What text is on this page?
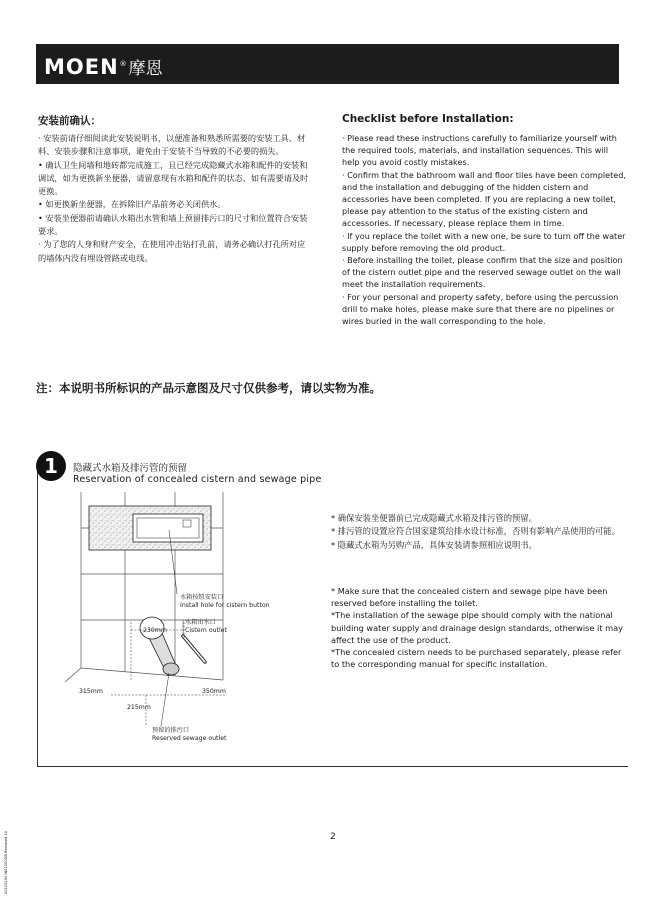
MOEN®摩恩
安装前确认：

· 安装前请仔细阅读此安装说明书，以便准备和熟悉所需要的安装工具、材料、安装步骤和注意事项，避免由于安装不当导致的不必要的损失。

• 确认卫生间墙和地砖都完成施工，且已经完成隐藏式水箱和配件的安装和调试，如为更换新坐便器，请留意现有水箱和配件的状态，如有需要请及时更换。

• 如更换新坐便器，在拆除旧产品前务必关闭供水。

• 安装坐便器前请确认水箱出水管和墙上预留排污口的尺寸和位置符合安装要求。

· 为了您的人身和财产安全，在使用冲击钻打孔前，请务必确认打孔所对应的墙体内没有埋设管路或电线。

Checklist before Installation:

· Please read these instructions carefully to familiarize yourself with the required tools, materials, and installation sequences. This will help you avoid costly mistakes.

· Confirm that the bathroom wall and floor tiles have been completed, and the installation and debugging of the hidden cistern and accessories have been completed. If you are replacing a new toilet, please pay attention to the status of the existing cistern and accessories. If necessary, please replace them in time.

· If you replace the toilet with a new one, be sure to turn off the water supply before removing the old product.

· Before installing the toilet, please confirm that the size and position of the cistern outlet pipe and the reserved sewage outlet on the wall meet the installation requirements.

· For your personal and property safety, before using the percussion drill to make holes, please make sure that there are no pipelines or wires buried in the wall corresponding to the hole.

注：本说明书所标识的产品示意图及尺寸仅供参考，请以实物为准。
1	隐藏式水箱及排污管的预留
Reservation of concealed cistern and sewage pipe

* 确保安装坐便器前已完成隐藏式水箱及排污管的预留。

* 排污管的设置应符合国家建筑给排水设计标准，否则有影响产品使用的可能。

* 隐藏式水箱为另购产品，具体安装请参照相应说明书。

* Make sure that the concealed cistern and sewage pipe have been reserved before installing the toilet.

*The installation of the sewage pipe should comply with the national building water supply and drainage design standards, otherwise it may affect the use of the product.

*The concealed cistern needs to be purchased separately, please refer to the corresponding manual for specific installation.

水箱按钮安装口
Install hole for cistern button
水箱出水口
Cistern outlet
230mm
315mm	350mm
215mm
预留的排污口
Reserved sewage outlet
2
00102250 INS1200GB Released.10
